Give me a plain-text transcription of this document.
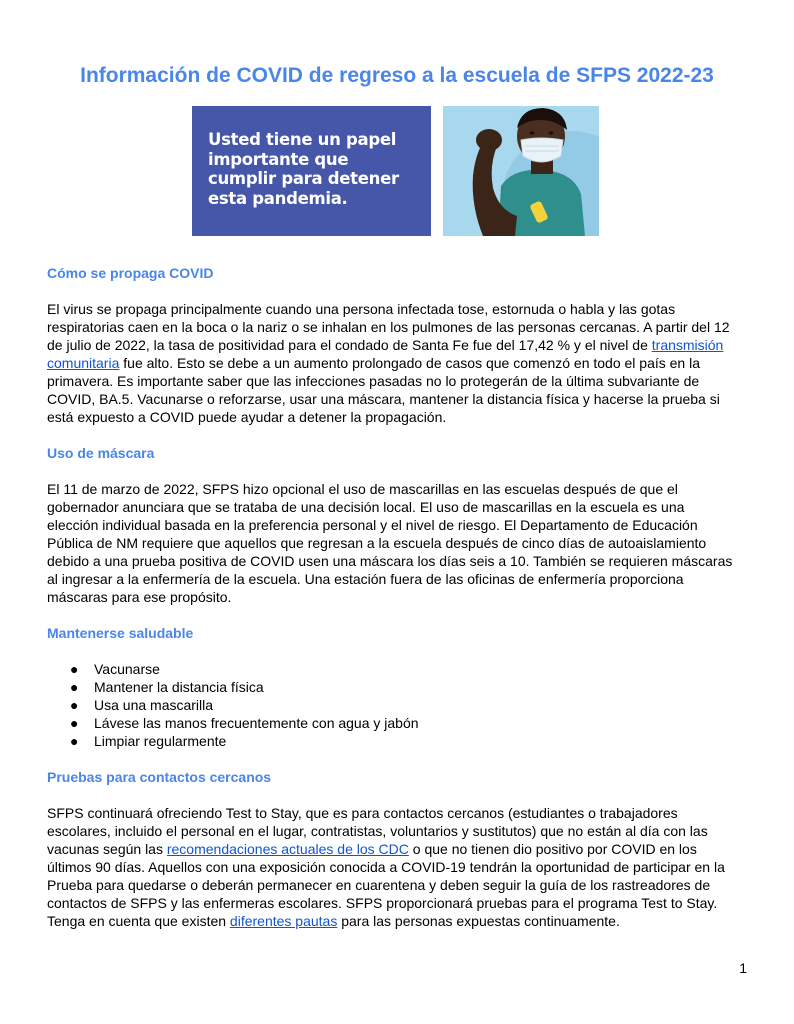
Información de COVID de regreso a la escuela de SFPS 2022-23
Usted tiene un papel importante que cumplir para detener esta pandemia.
Cómo se propaga COVID

El virus se propaga principalmente cuando una persona infectada tose, estornuda o habla y las gotas
respiratorias caen en la boca o la nariz o se inhalan en los pulmones de las personas cercanas. A partir del 12
de julio de 2022, la tasa de positividad para el condado de Santa Fe fue del 17,42 % y el nivel de transmisión
comunitaria fue alto. Esto se debe a un aumento prolongado de casos que comenzó en todo el país en la
primavera. Es importante saber que las infecciones pasadas no lo protegerán de la última subvariante de
COVID, BA.5. Vacunarse o reforzarse, usar una máscara, mantener la distancia física y hacerse la prueba si
está expuesto a COVID puede ayudar a detener la propagación.

Uso de máscara

El 11 de marzo de 2022, SFPS hizo opcional el uso de mascarillas en las escuelas después de que el
gobernador anunciara que se trataba de una decisión local. El uso de mascarillas en la escuela es una
elección individual basada en la preferencia personal y el nivel de riesgo. El Departamento de Educación
Pública de NM requiere que aquellos que regresan a la escuela después de cinco días de autoaislamiento
debido a una prueba positiva de COVID usen una máscara los días seis a 10. También se requieren máscaras
al ingresar a la enfermería de la escuela. Una estación fuera de las oficinas de enfermería proporciona
máscaras para ese propósito.

Mantenerse saludable
● Vacunarse
● Mantener la distancia física
● Usa una mascarilla
● Lávese las manos frecuentemente con agua y jabón
● Limpiar regularmente
Pruebas para contactos cercanos

SFPS continuará ofreciendo Test to Stay, que es para contactos cercanos (estudiantes o trabajadores
escolares, incluido el personal en el lugar, contratistas, voluntarios y sustitutos) que no están al día con las
vacunas según las recomendaciones actuales de los CDC o que no tienen dio positivo por COVID en los
últimos 90 días. Aquellos con una exposición conocida a COVID-19 tendrán la oportunidad de participar en la
Prueba para quedarse o deberán permanecer en cuarentena y deben seguir la guía de los rastreadores de
contactos de SFPS y las enfermeras escolares. SFPS proporcionará pruebas para el programa Test to Stay.
Tenga en cuenta que existen diferentes pautas para las personas expuestas continuamente.

1
